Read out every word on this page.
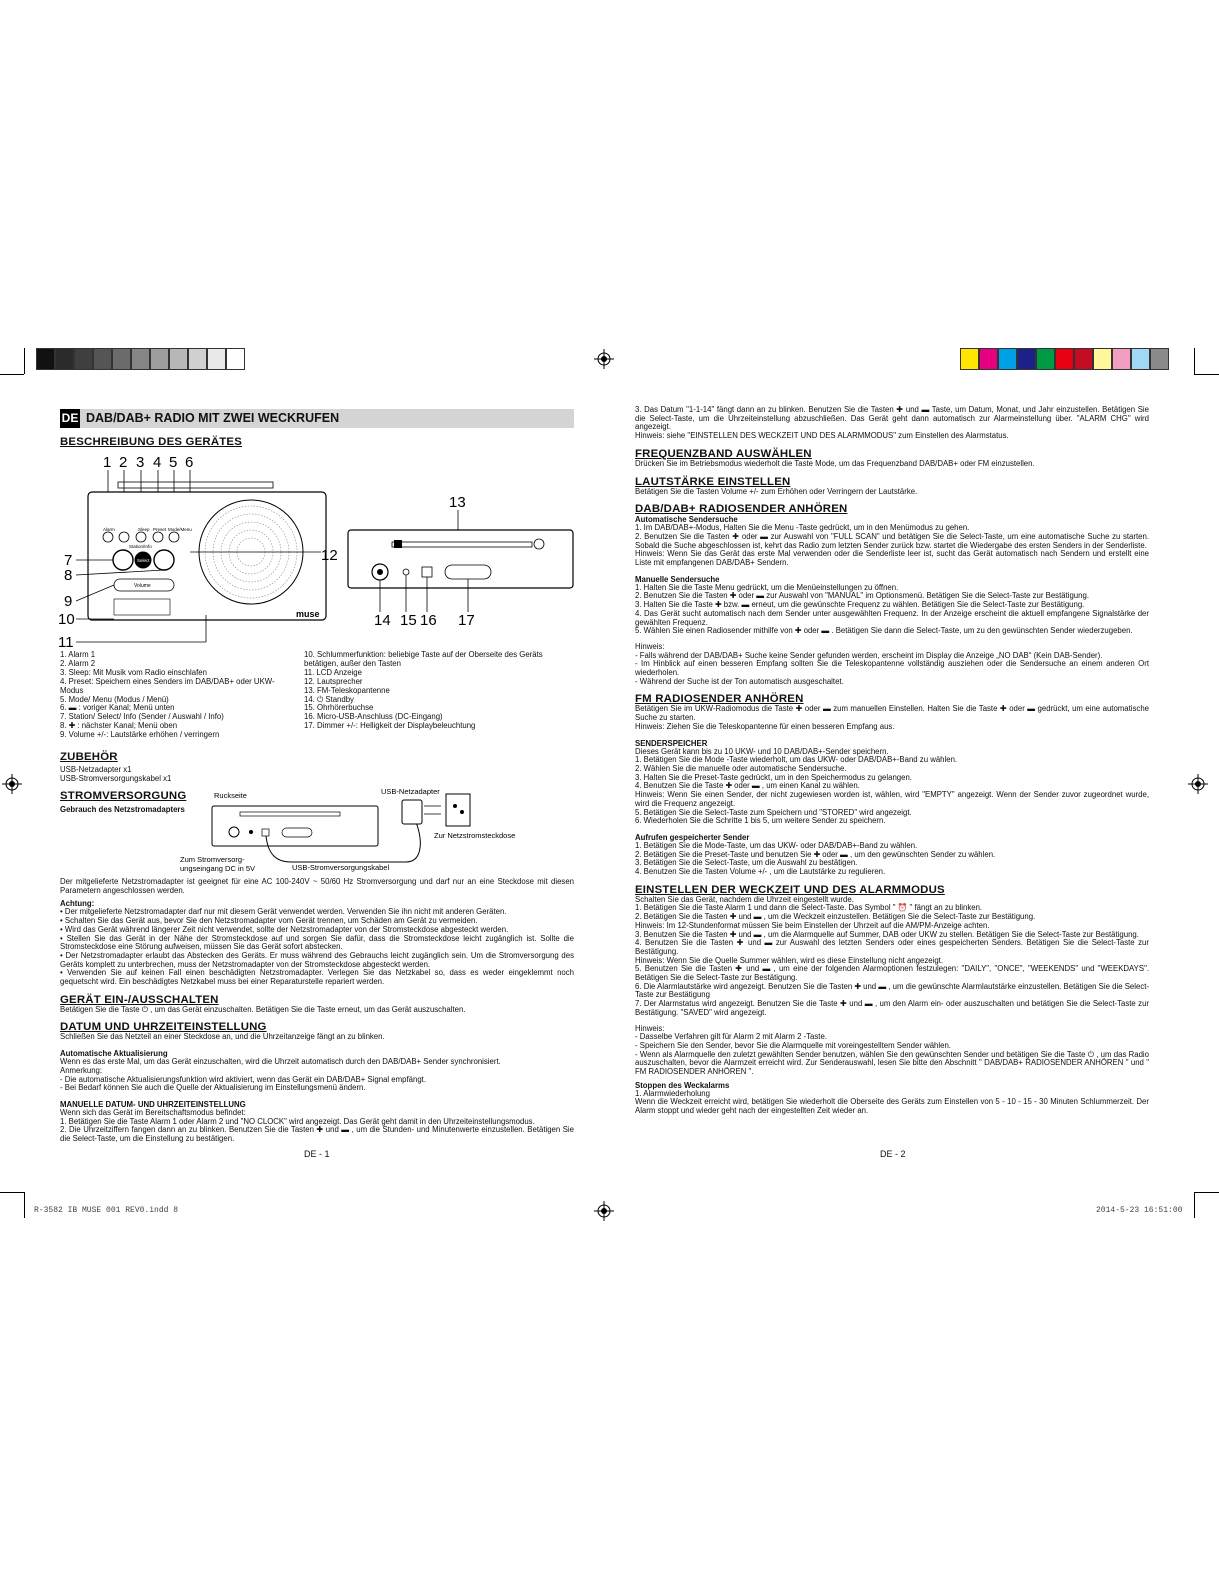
DE DAB/DAB+ RADIO MIT ZWEI WECKRUFEN
BESCHREIBUNG DES GERÄTES
1 2 3 4 5 6
Alarm	Sleep Preset Mode/Menu
Station/Info
Select
Volume
muse
7
8
9
10
11
12
13
14 15 16 17
1. Alarm 1
2. Alarm 2
3. Sleep: Mit Musik vom Radio einschlafen
4. Preset: Speichern eines Senders im DAB/DAB+ oder UKW-Modus
5. Mode/ Menu (Modus / Menü)
6. ▬ : voriger Kanal; Menü unten
7. Station/ Select/ Info (Sender / Auswahl / Info)
8. ✚ : nächster Kanal; Menü oben
9. Volume +/-: Lautstärke erhöhen / verringern
10. Schlummerfunktion: beliebige Taste auf der Oberseite des Geräts betätigen, außer den Tasten
11. LCD Anzeige
12. Lautsprecher
13. FM-Teleskopantenne
14. ⏻ Standby
15. Ohrhörerbuchse
16. Micro-USB-Anschluss (DC-Eingang)
17. Dimmer +/-: Helligkeit der Displaybeleuchtung
ZUBEHÖR

USB-Netzadapter x1

USB-Stromversorgungskabel x1

STROMVERSORGUNG
Gebrauch des Netzstromadapters
Ruckseite	USB-Netzadapter
Zur Netzstromsteckdose
Zum Stromversorg-
ungseingang DC in 5V	USB-Stromversorgungskabel

Der mitgelieferte Netzstromadapter ist geeignet für eine AC 100-240V ~ 50/60 Hz Stromversorgung und darf nur an eine Steckdose mit diesen Parametern angeschlossen werden.

Achtung:

• Der mitgelieferte Netzstromadapter darf nur mit diesem Gerät verwendet werden. Verwenden Sie ihn nicht mit anderen Geräten.

• Schalten Sie das Gerät aus, bevor Sie den Netzstromadapter vom Gerät trennen, um Schäden am Gerät zu vermeiden.

• Wird das Gerät während längerer Zeit nicht verwendet, sollte der Netzstromadapter von der Stromsteckdose abgesteckt werden.

• Stellen Sie das Gerät in der Nähe der Stromsteckdose auf und sorgen Sie dafür, dass die Stromsteckdose leicht zugänglich ist. Sollte die Stromsteckdose eine Störung aufweisen, müssen Sie das Gerät sofort abstecken.

• Der Netzstromadapter erlaubt das Abstecken des Geräts. Er muss während des Gebrauchs leicht zugänglich sein. Um die Stromversorgung des Geräts komplett zu unterbrechen, muss der Netzstromadapter von der Stromsteckdose abgesteckt werden.

• Verwenden Sie auf keinen Fall einen beschädigten Netzstromadapter. Verlegen Sie das Netzkabel so, dass es weder eingeklemmt noch gequetscht wird. Ein beschädigtes Netzkabel muss bei einer Reparaturstelle repariert werden.

GERÄT EIN-/AUSSCHALTEN

Betätigen Sie die Taste ⏻ , um das Gerät einzuschalten. Betätigen Sie die Taste erneut, um das Gerät auszuschalten.

DATUM UND UHRZEITEINSTELLUNG

Schließen Sie das Netzteil an einer Steckdose an, und die Uhrzeitanzeige fängt an zu blinken.

Automatische Aktualisierung

Wenn es das erste Mal, um das Gerät einzuschalten, wird die Uhrzeit automatisch durch den DAB/DAB+ Sender synchronisiert.

Anmerkung:

- Die automatische Aktualisierungsfunktion wird aktiviert, wenn das Gerät ein DAB/DAB+ Signal empfängt.

- Bei Bedarf können Sie auch die Quelle der Aktualisierung im Einstellungsmenü ändern.

MANUELLE DATUM- UND UHRZEITEINSTELLUNG

Wenn sich das Gerät im Bereitschaftsmodus befindet:

1. Betätigen Sie die Taste Alarm 1 oder Alarm 2 und "NO CLOCK" wird angezeigt. Das Gerät geht damit in den Uhrzeiteinstellungsmodus.

2. Die Uhrzeitziffern fangen dann an zu blinken. Benutzen Sie die Tasten ✚ und ▬ , um die Stunden- und Minutenwerte einzustellen. Betätigen Sie die Select-Taste, um die Einstellung zu bestätigen.

DE - 1

3. Das Datum "1-1-14" fängt dann an zu blinken. Benutzen Sie die Tasten ✚ und ▬ Taste, um Datum, Monat, und Jahr einzustellen. Betätigen Sie die Select-Taste, um die Uhrzeiteinstellung abzuschließen. Das Gerät geht dann automatisch zur Alarmeinstellung über. "ALARM CHG" wird angezeigt.

Hinweis: siehe "EINSTELLEN DES WECKZEIT UND DES ALARMMODUS" zum Einstellen des Alarmstatus.

FREQUENZBAND AUSWÄHLEN

Drücken Sie im Betriebsmodus wiederholt die Taste Mode, um das Frequenzband DAB/DAB+ oder FM einzustellen.

LAUTSTÄRKE EINSTELLEN

Betätigen Sie die Tasten Volume +/- zum Erhöhen oder Verringern der Lautstärke.

DAB/DAB+ RADIOSENDER ANHÖREN
Automatische Sendersuche

1. Im DAB/DAB+-Modus, Halten Sie die Menu -Taste gedrückt, um in den Menümodus zu gehen.

2. Benutzen Sie die Tasten ✚ oder ▬ zur Auswahl von "FULL SCAN" und betätigen Sie die Select-Taste, um eine automatische Suche zu starten. Sobald die Suche abgeschlossen ist, kehrt das Radio zum letzten Sender zurück bzw. startet die Wiedergabe des ersten Senders in der Senderliste.

Hinweis: Wenn Sie das Gerät das erste Mal verwenden oder die Senderliste leer ist, sucht das Gerät automatisch nach Sendern und erstellt eine Liste mit empfangenen DAB/DAB+ Sendern.

Manuelle Sendersuche

1. Halten Sie die Taste Menu gedrückt, um die Menüeinstellungen zu öffnen.

2. Benutzen Sie die Tasten ✚ oder ▬ zur Auswahl von "MANUAL" im Optionsmenü. Betätigen Sie die Select-Taste zur Bestätigung.

3. Halten Sie die Taste ✚ bzw. ▬ erneut, um die gewünschte Frequenz zu wählen. Betätigen Sie die Select-Taste zur Bestätigung.

4. Das Gerät sucht automatisch nach dem Sender unter ausgewählten Frequenz. In der Anzeige erscheint die aktuell empfangene Signalstärke der gewählten Frequenz.

5. Wählen Sie einen Radiosender mithilfe von ✚ oder ▬ . Betätigen Sie dann die Select-Taste, um zu den gewünschten Sender wiederzugeben.

Hinweis:

- Falls während der DAB/DAB+ Suche keine Sender gefunden werden, erscheint im Display die Anzeige „NO DAB“ (Kein DAB-Sender).

- Im Hinblick auf einen besseren Empfang sollten Sie die Teleskopantenne vollständig ausziehen oder die Sendersuche an einem anderen Ort wiederholen.

- Während der Suche ist der Ton automatisch ausgeschaltet.

FM RADIOSENDER ANHÖREN

Betätigen Sie im UKW-Radiomodus die Taste ✚ oder ▬ zum manuellen Einstellen. Halten Sie die Taste ✚ oder ▬ gedrückt, um eine automatische Suche zu starten.

Hinweis: Ziehen Sie die Teleskopantenne für einen besseren Empfang aus.

SENDERSPEICHER

Dieses Gerät kann bis zu 10 UKW- und 10 DAB/DAB+-Sender speichern.

1. Betätigen Sie die Mode -Taste wiederholt, um das UKW- oder DAB/DAB+-Band zu wählen.

2. Wählen Sie die manuelle oder automatische Sendersuche.

3. Halten Sie die Preset-Taste gedrückt, um in den Speichermodus zu gelangen.

4. Benutzen Sie die Taste ✚ oder ▬ , um einen Kanal zu wählen.

Hinweis: Wenn Sie einen Sender, der nicht zugewiesen worden ist, wählen, wird "EMPTY" angezeigt. Wenn der Sender zuvor zugeordnet wurde, wird die Frequenz angezeigt.

5. Betätigen Sie die Select-Taste zum Speichern und "STORED" wird angezeigt.

6. Wiederholen Sie die Schritte 1 bis 5, um weitere Sender zu speichern.

Aufrufen gespeicherter Sender

1. Betätigen Sie die Mode-Taste, um das UKW- oder DAB/DAB+-Band zu wählen.

2. Betätigen Sie die Preset-Taste und benutzen Sie ✚ oder ▬ , um den gewünschten Sender zu wählen.

3. Betätigen Sie die Select-Taste, um die Auswahl zu bestätigen.

4. Benutzen Sie die Tasten Volume +/- , um die Lautstärke zu regulieren.

EINSTELLEN DER WECKZEIT UND DES ALARMMODUS

Schalten Sie das Gerät, nachdem die Uhrzeit eingestellt wurde.

1. Betätigen Sie die Taste Alarm 1 und dann die Select-Taste. Das Symbol " ⏰ " fängt an zu blinken.

2. Betätigen Sie die Tasten ✚ und ▬ , um die Weckzeit einzustellen. Betätigen Sie die Select-Taste zur Bestätigung.

Hinweis: Im 12-Stundenformat müssen Sie beim Einstellen der Uhrzeit auf die AM/PM-Anzeige achten.

3. Benutzen Sie die Tasten ✚ und ▬ , um die Alarmquelle auf Summer, DAB oder UKW zu stellen. Betätigen Sie die Select-Taste zur Bestätigung.

4. Benutzen Sie die Tasten ✚ und ▬ zur Auswahl des letzten Senders oder eines gespeicherten Senders. Betätigen Sie die Select-Taste zur Bestätigung.

Hinweis: Wenn Sie die Quelle Summer wählen, wird es diese Einstellung nicht angezeigt.

5. Benutzen Sie die Tasten ✚ und ▬ , um eine der folgenden Alarmoptionen festzulegen: "DAILY", "ONCE", "WEEKENDS" und "WEEKDAYS". Betätigen Sie die Select-Taste zur Bestätigung.

6. Die Alarmlautstärke wird angezeigt. Benutzen Sie die Tasten ✚ und ▬ , um die gewünschte Alarmlautstärke einzustellen. Betätigen Sie die Select-Taste zur Bestätigung

7. Der Alarmstatus wird angezeigt. Benutzen Sie die Taste ✚ und ▬ , um den Alarm ein- oder auszuschalten und betätigen Sie die Select-Taste zur Bestätigung. "SAVED" wird angezeigt.

Hinweis:

- Dasselbe Verfahren gilt für Alarm 2 mit Alarm 2 -Taste.

- Speichern Sie den Sender, bevor Sie die Alarmquelle mit voreingestelltem Sender wählen.

- Wenn als Alarmquelle den zuletzt gewählten Sender benutzen, wählen Sie den gewünschten Sender und betätigen Sie die Taste ⏻ , um das Radio auszuschalten, bevor die Alarmzeit erreicht wird. Zur Senderauswahl, lesen Sie bitte den Abschnitt " DAB/DAB+ RADIOSENDER ANHÖREN " und " FM RADIOSENDER ANHÖREN ".

Stoppen des Weckalarms

1. Alarmwiederholung

Wenn die Weckzeit erreicht wird, betätigen Sie wiederholt die Oberseite des Geräts zum Einstellen von 5 - 10 - 15 - 30 Minuten Schlummerzeit. Der Alarm stoppt und wieder geht nach der eingestellten Zeit wieder an.

DE - 2
R-3582 IB MUSE 001 REV0.indd 8	2014-5-23 16:51:00
